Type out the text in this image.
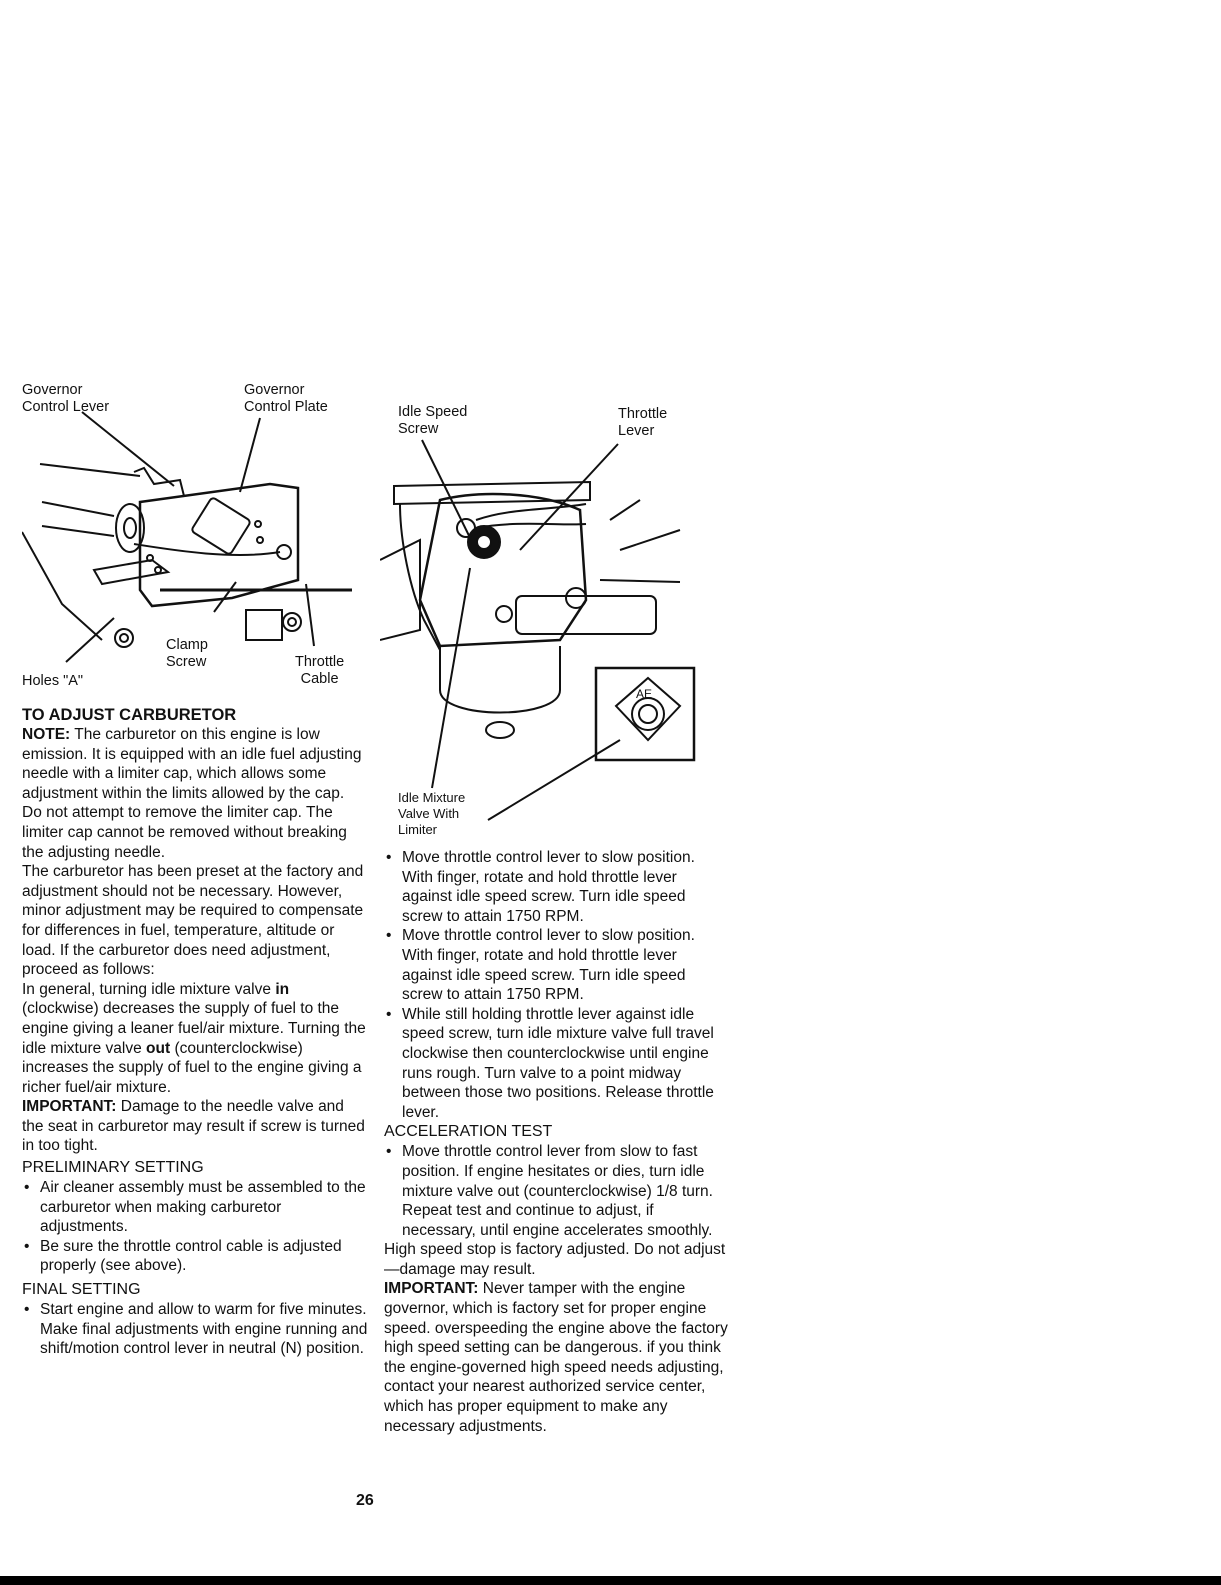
Governor
Control Lever
Governor
Control Plate
Clamp
Screw	Throttle
Cable
Holes "A"
AE
Idle Speed
Screw
Throttle
Lever
Idle Mixture
Valve With
Limiter
TO ADJUST CARBURETOR

NOTE: The carburetor on this engine is low emission. It is equipped with an idle fuel adjusting needle with a limiter cap, which allows some adjustment within the limits allowed by the cap. Do not attempt to remove the limiter cap. The limiter cap cannot be removed without breaking the adjusting needle.

The carburetor has been preset at the factory and adjustment should not be necessary. However, minor adjustment may be required to compensate for differences in fuel, temperature, altitude or load. If the carburetor does need adjustment, proceed as follows:

In general, turning idle mixture valve in (clockwise) decreases the supply of fuel to the engine giving a leaner fuel/air mixture. Turning the idle mixture valve out (counterclockwise) increases the supply of fuel to the engine giving a richer fuel/air mixture.

IMPORTANT: Damage to the needle valve and the seat in carburetor may result if screw is turned in too tight.

PRELIMINARY SETTING
• Air cleaner assembly must be assembled to the carburetor when making carburetor adjustments.
• Be sure the throttle control cable is adjusted properly (see above).
FINAL SETTING
• Start engine and allow to warm for five minutes. Make final adjustments with engine running and shift/motion control lever in neutral (N) position.
• Move throttle control lever to slow position. With finger, rotate and hold throttle lever against idle speed screw. Turn idle speed screw to attain 1750 RPM.
• Move throttle control lever to slow position. With finger, rotate and hold throttle lever against idle speed screw. Turn idle speed screw to attain 1750 RPM.
• While still holding throttle lever against idle speed screw, turn idle mixture valve full travel clockwise then counterclockwise until engine runs rough. Turn valve to a point midway between those two positions. Release throttle lever.
ACCELERATION TEST
• Move throttle control lever from slow to fast position. If engine hesitates or dies, turn idle mixture valve out (counterclockwise) 1/8 turn. Repeat test and continue to adjust, if necessary, until engine accelerates smoothly.

High speed stop is factory adjusted. Do not adjust—damage may result.

IMPORTANT: Never tamper with the engine governor, which is factory set for proper engine speed. overspeeding the engine above the factory high speed setting can be dangerous. if you think the engine-governed high speed needs adjusting, contact your nearest authorized service center, which has proper equipment to make any necessary adjustments.

26
